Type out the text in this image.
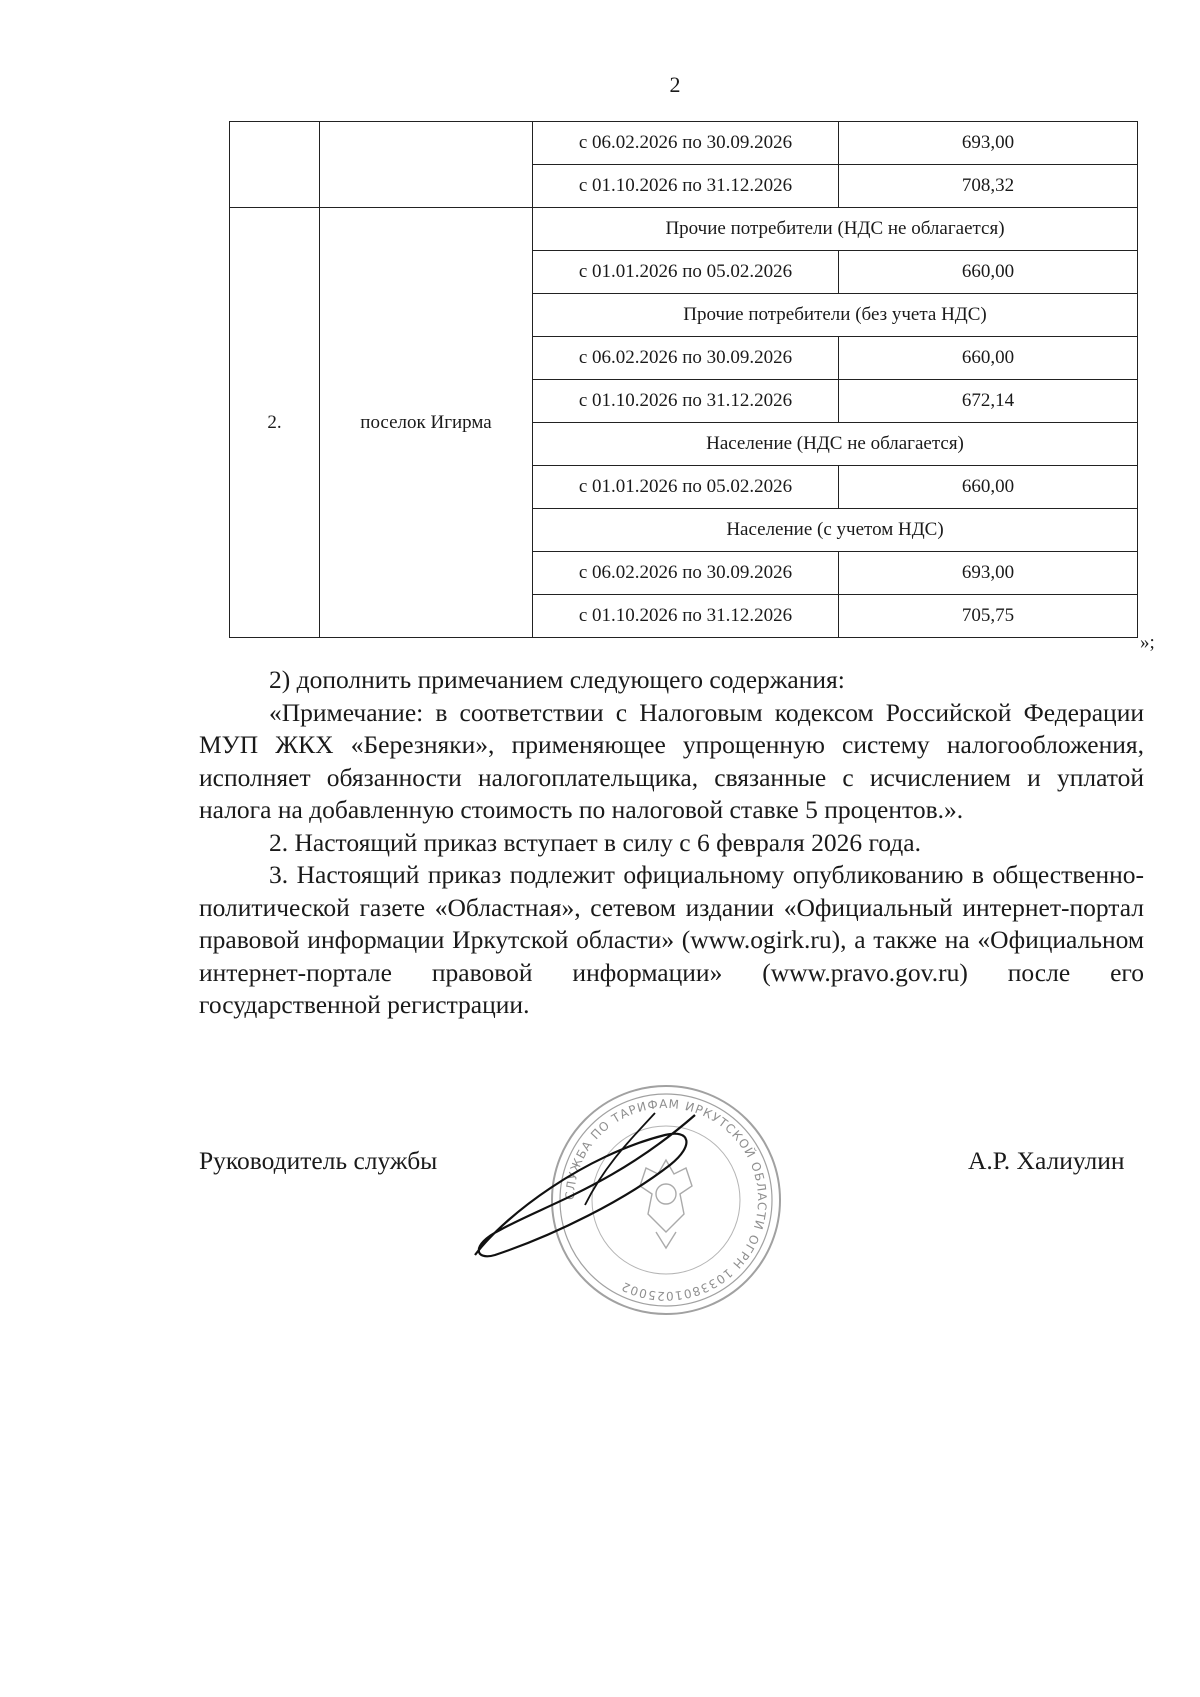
2
		с 06.02.2026 по 30.09.2026	693,00
		с 01.10.2026 по 31.12.2026	708,32
2.	поселок Игирма	Прочие потребители (НДС не облагается)	
		с 01.01.2026 по 05.02.2026	660,00
		Прочие потребители (без учета НДС)	
		с 06.02.2026 по 30.09.2026	660,00
		с 01.10.2026 по 31.12.2026	672,14
		Население (НДС не облагается)	
		с 01.01.2026 по 05.02.2026	660,00
		Население (с учетом НДС)	
		с 06.02.2026 по 30.09.2026	693,00
		с 01.10.2026 по 31.12.2026	705,75
»;

2) дополнить примечанием следующего содержания:

«Примечание: в соответствии с Налоговым кодексом Российской Федерации МУП ЖКХ «Березняки», применяющее упрощенную систему налогообложения, исполняет обязанности налогоплательщика, связанные с исчислением и уплатой налога на добавленную стоимость по налоговой ставке 5 процентов.».

2. Настоящий приказ вступает в силу с 6 февраля 2026 года.

3. Настоящий приказ подлежит официальному опубликованию в общественно-политической газете «Областная», сетевом издании «Официальный интернет-портал правовой информации Иркутской области» (www.ogirk.ru), а также на «Официальном интернет-портале правовой информации» (www.pravo.gov.ru) после его государственной регистрации.

Руководитель службы	А.Р. Халиулин
СЛУЖБА ПО ТАРИФАМ ИРКУТСКОЙ ОБЛАСТИ ОГРН 1033801025002
